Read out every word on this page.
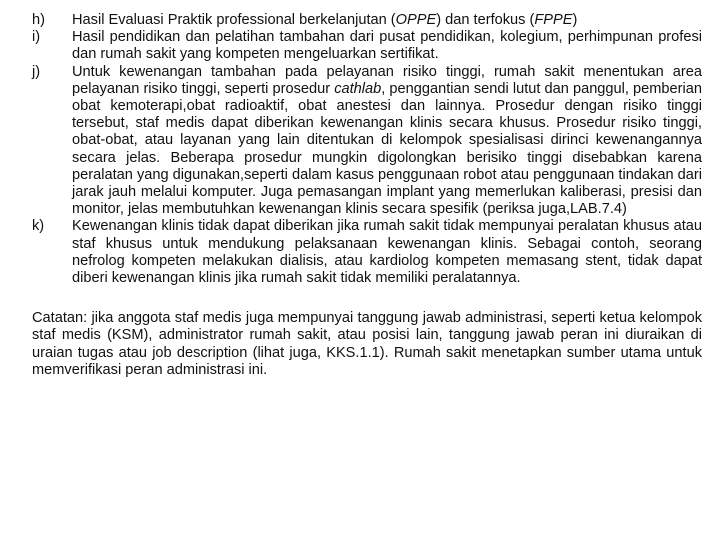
h)	Hasil Evaluasi Praktik professional berkelanjutan (OPPE) dan terfokus (FPPE)
i)	Hasil pendidikan dan pelatihan tambahan dari pusat pendidikan, kolegium, perhimpunan profesi dan rumah sakit yang kompeten mengeluarkan sertifikat.
j)	Untuk kewenangan tambahan pada pelayanan risiko tinggi, rumah sakit menentukan area pelayanan risiko tinggi, seperti prosedur cathlab, penggantian sendi lutut dan panggul, pemberian obat kemoterapi,obat radioaktif, obat anestesi dan lainnya. Prosedur dengan risiko tinggi tersebut, staf medis dapat diberikan kewenangan klinis secara khusus. Prosedur risiko tinggi, obat-obat, atau layanan yang lain ditentukan di kelompok spesialisasi dirinci kewenangannya secara jelas. Beberapa prosedur mungkin digolongkan berisiko tinggi disebabkan karena peralatan yang digunakan,seperti dalam kasus penggunaan robot atau penggunaan tindakan dari jarak jauh melalui komputer. Juga pemasangan implant yang memerlukan kaliberasi, presisi dan monitor, jelas membutuhkan kewenangan klinis secara spesifik (periksa juga,LAB.7.4)
k)	Kewenangan klinis tidak dapat diberikan jika rumah sakit tidak mempunyai peralatan khusus atau staf khusus untuk mendukung pelaksanaan kewenangan klinis. Sebagai contoh, seorang nefrolog kompeten melakukan dialisis, atau kardiolog kompeten memasang stent, tidak dapat diberi kewenangan klinis jika rumah sakit tidak memiliki peralatannya.
Catatan: jika anggota staf medis juga mempunyai tanggung jawab administrasi, seperti ketua kelompok staf medis (KSM), administrator rumah sakit, atau posisi lain, tanggung jawab peran ini diuraikan di uraian tugas atau job description (lihat juga, KKS.1.1). Rumah sakit menetapkan sumber utama untuk memverifikasi peran administrasi ini.
